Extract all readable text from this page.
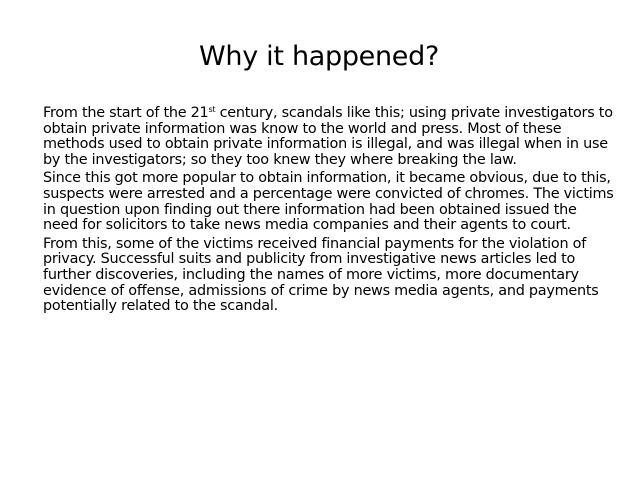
Why it happened?

From the start of the 21st century, scandals like this; using private investigators to obtain private information was know to the world and press. Most of these methods used to obtain private information is illegal, and was illegal when in use by the investigators; so they too knew they where breaking the law.

Since this got more popular to obtain information, it became obvious, due to this, suspects were arrested and a percentage were convicted of chromes. The victims in question upon finding out there information had been obtained issued the need for solicitors to take news media companies and their agents to court.

From this, some of the victims received financial payments for the violation of privacy. Successful suits and publicity from investigative news articles led to further discoveries, including the names of more victims, more documentary evidence of offense, admissions of crime by news media agents, and payments potentially related to the scandal.
